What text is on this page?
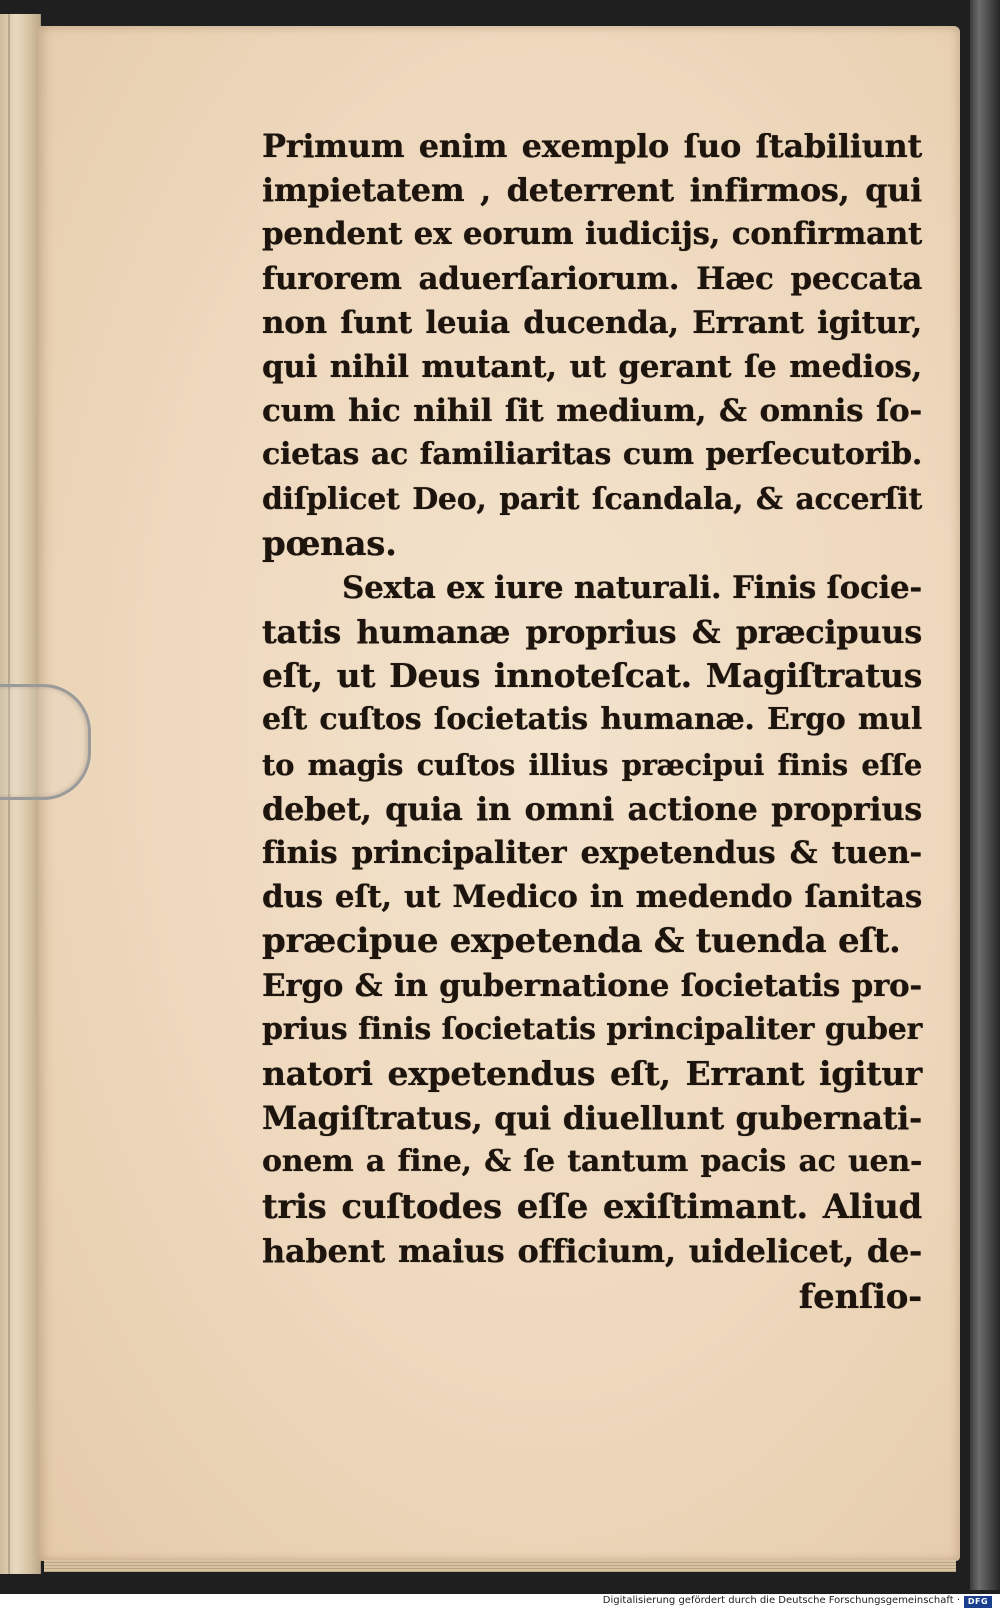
Primum enim exemplo ſuo ſtabiliunt
impietatem , deterrent infirmos, qui
pendent ex eorum iudicijs, confirmant
furorem aduerſariorum. Hæc peccata
non ſunt leuia ducenda, Errant igitur,
qui nihil mutant, ut gerant ſe medios,
cum hic nihil ſit medium, & omnis ſo-
cietas ac familiaritas cum perſecutorib.
diſplicet Deo, parit ſcandala, & accerſit
pœnas.
Sexta ex iure naturali. Finis ſocie-
tatis humanæ proprius & præcipuus
eſt, ut Deus innoteſcat. Magiſtratus
eſt cuſtos ſocietatis humanæ. Ergo mul
to magis cuſtos illius præcipui finis eſſe
debet, quia in omni actione proprius
finis principaliter expetendus & tuen-
dus eſt, ut Medico in medendo ſanitas
præcipue expetenda & tuenda eſt.
Ergo & in gubernatione ſocietatis pro-
prius finis ſocietatis principaliter guber
natori expetendus eſt, Errant igitur
Magiſtratus, qui diuellunt gubernati-
onem a fine, & ſe tantum pacis ac uen-
tris cuſtodes eſſe exiſtimant. Aliud
habent maius officium, uidelicet, de-
fenſio-
Digitalisierung gefördert durch die Deutsche Forschungsgemeinschaft · DFG
